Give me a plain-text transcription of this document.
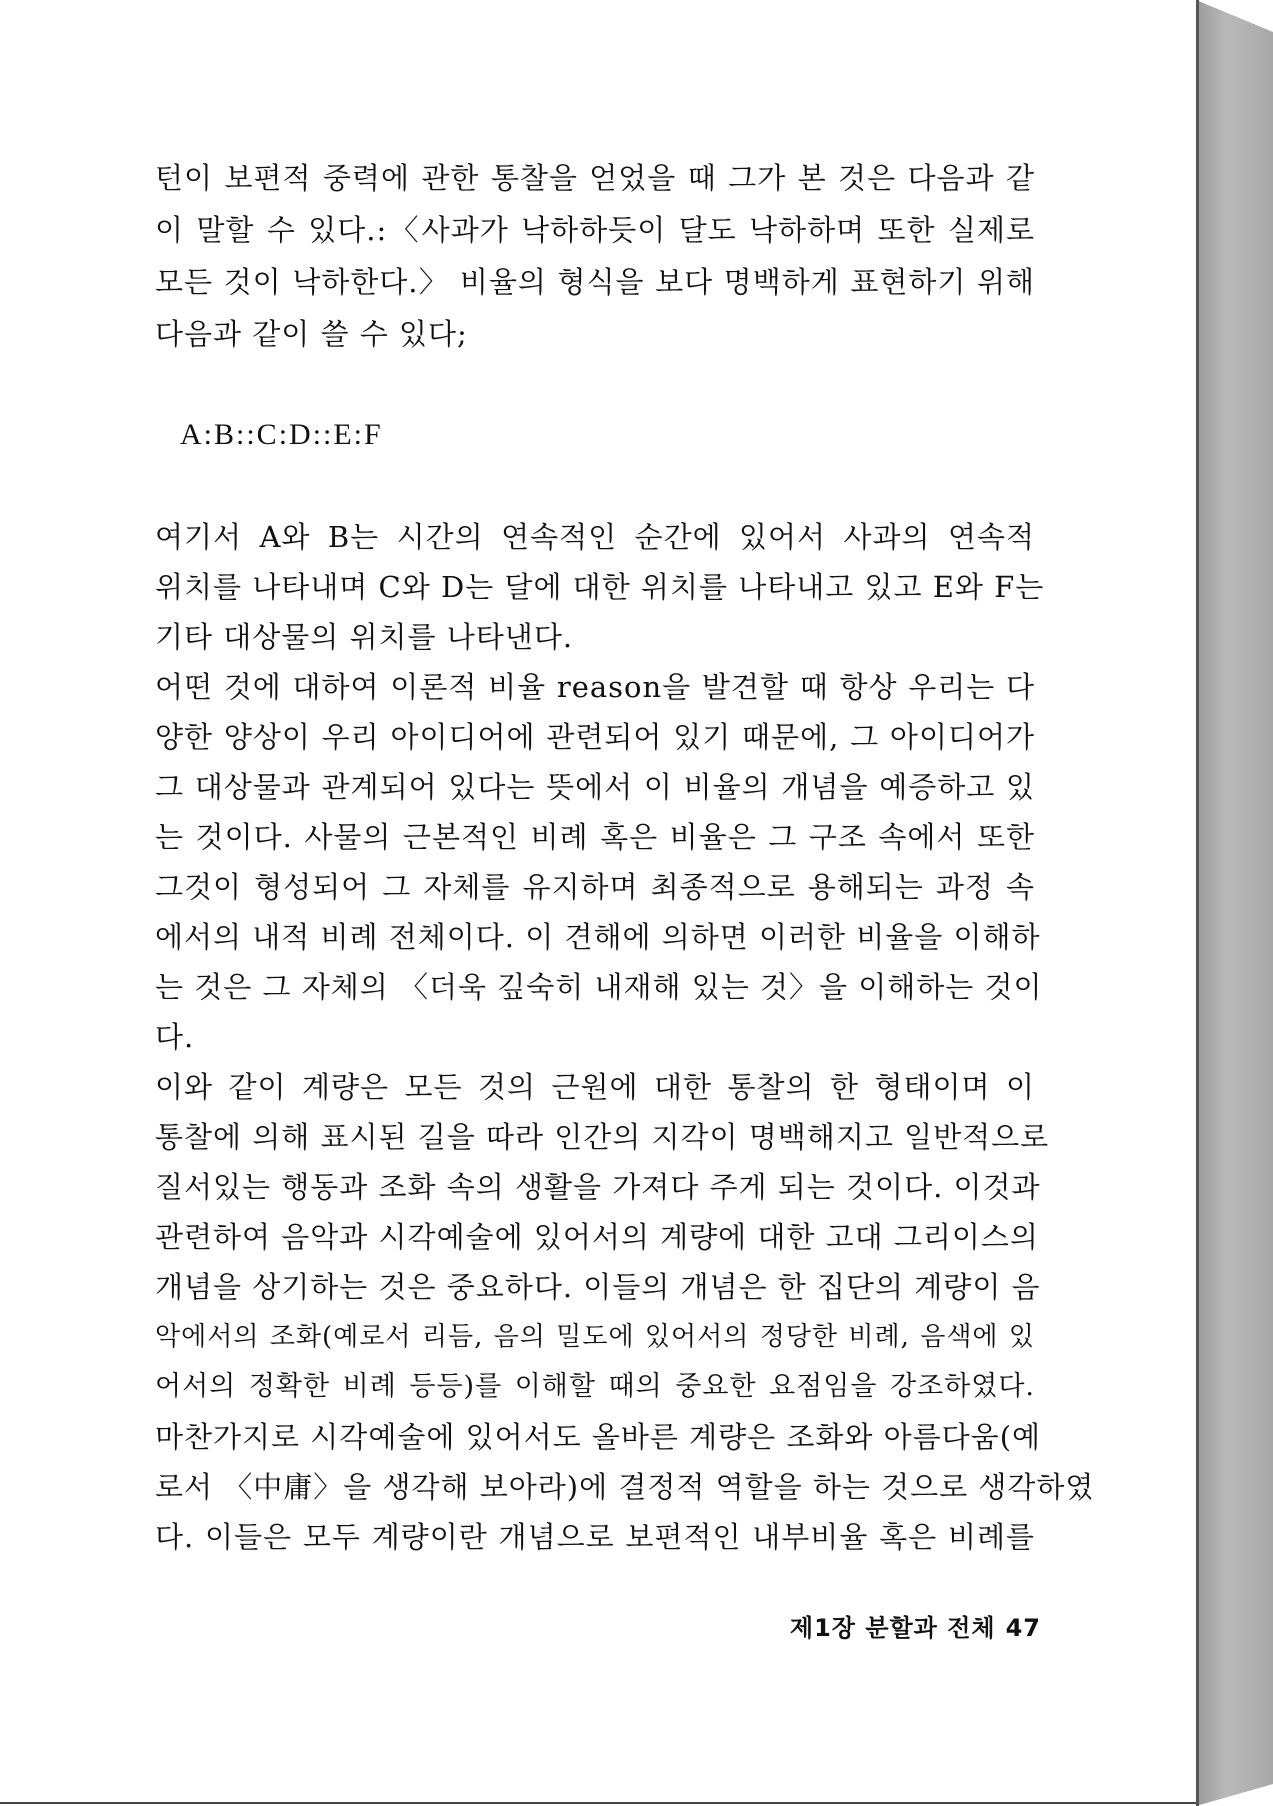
턴이 보편적 중력에 관한 통찰을 얻었을 때 그가 본 것은 다음과 같
이 말할 수 있다.:〈사과가 낙하하듯이 달도 낙하하며 또한 실제로
모든 것이 낙하한다.〉 비율의 형식을 보다 명백하게 표현하기 위해
다음과 같이 쓸 수 있다;
A:B::C:D::E:F
여기서 A와 B는 시간의 연속적인 순간에 있어서 사과의 연속적
위치를 나타내며 C와 D는 달에 대한 위치를 나타내고 있고 E와 F는
기타 대상물의 위치를 나타낸다.
어떤 것에 대하여 이론적 비율 reason을 발견할 때 항상 우리는 다
양한 양상이 우리 아이디어에 관련되어 있기 때문에, 그 아이디어가
그 대상물과 관계되어 있다는 뜻에서 이 비율의 개념을 예증하고 있
는 것이다. 사물의 근본적인 비례 혹은 비율은 그 구조 속에서 또한
그것이 형성되어 그 자체를 유지하며 최종적으로 용해되는 과정 속
에서의 내적 비례 전체이다. 이 견해에 의하면 이러한 비율을 이해하
는 것은 그 자체의 〈더욱 깊숙히 내재해 있는 것〉을 이해하는 것이
다.
이와 같이 계량은 모든 것의 근원에 대한 통찰의 한 형태이며 이
통찰에 의해 표시된 길을 따라 인간의 지각이 명백해지고 일반적으로
질서있는 행동과 조화 속의 생활을 가져다 주게 되는 것이다. 이것과
관련하여 음악과 시각예술에 있어서의 계량에 대한 고대 그리이스의
개념을 상기하는 것은 중요하다. 이들의 개념은 한 집단의 계량이 음
악에서의 조화(예로서 리듬, 음의 밀도에 있어서의 정당한 비례, 음색에 있
어서의 정확한 비례 등등)를 이해할 때의 중요한 요점임을 강조하였다.
마찬가지로 시각예술에 있어서도 올바른 계량은 조화와 아름다움(예
로서 〈中庸〉을 생각해 보아라)에 결정적 역할을 하는 것으로 생각하였
다. 이들은 모두 계량이란 개념으로 보편적인 내부비율 혹은 비례를
제1장 분할과 전체 47
